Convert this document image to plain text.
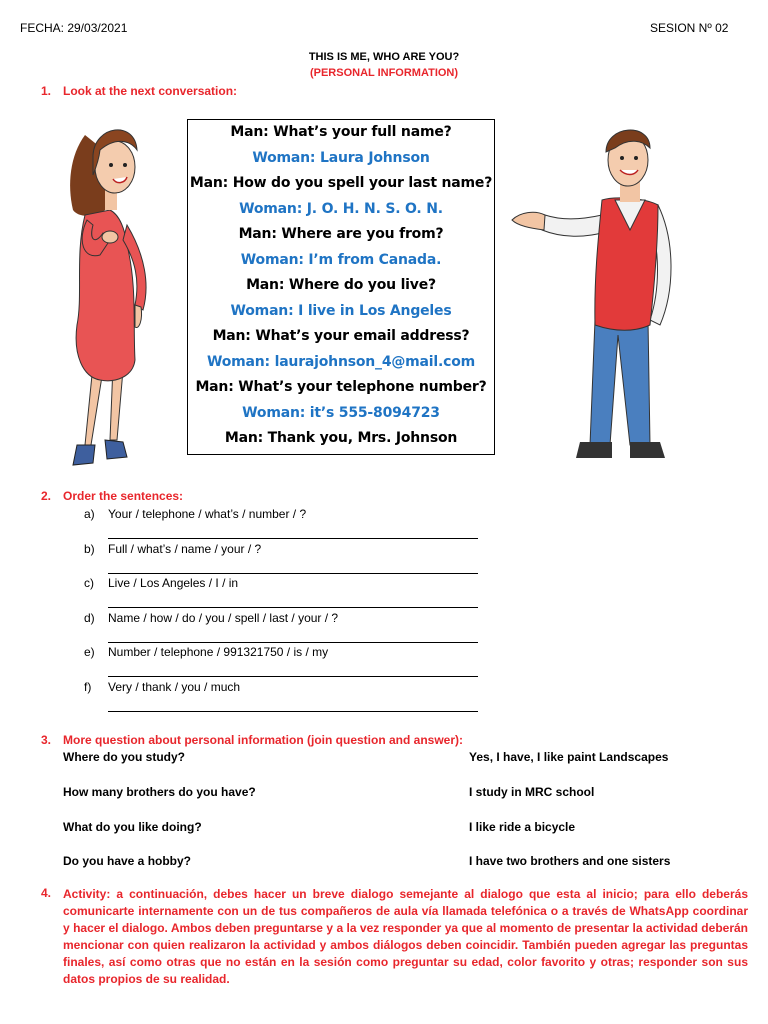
FECHA: 29/03/2021	SESION Nº 02
THIS IS ME, WHO ARE YOU?
(PERSONAL INFORMATION)
1. Look at the next conversation:
Man: What’s your full name?
Woman: Laura Johnson
Man: How do you spell your last name?
Woman: J. O. H. N. S. O. N.
Man: Where are you from?
Woman: I’m from Canada.
Man: Where do you live?
Woman: I live in Los Angeles
Man: What’s your email address?
Woman: laurajohnson_4@mail.com
Man: What’s your telephone number?
Woman: it’s 555-8094723
Man: Thank you, Mrs. Johnson
2. Order the sentences:
a) Your / telephone / what’s / number / ?
b) Full / what’s / name / your / ?
c) Live / Los Angeles / I / in
d) Name / how / do / you / spell / last / your / ?
e) Number / telephone / 991321750 / is / my
f) Very / thank / you / much
3. More question about personal information (join question and answer):
Where do you study?	Yes, I have, I like paint Landscapes
How many brothers do you have?	I study in MRC school
What do you like doing?	I like ride a bicycle
Do you have a hobby?	I have two brothers and one sisters
4. Activity: a continuación, debes hacer un breve dialogo semejante al dialogo que esta al inicio; para ello deberás comunicarte internamente con un de tus compañeros de aula vía llamada telefónica o a través de WhatsApp coordinar y hacer el dialogo. Ambos deben preguntarse y a la vez responder ya que al momento de presentar la actividad deberán mencionar con quien realizaron la actividad y ambos diálogos deben coincidir. También pueden agregar las preguntas finales, así como otras que no están en la sesión como preguntar su edad, color favorito y otras; responder son sus datos propios de su realidad.
